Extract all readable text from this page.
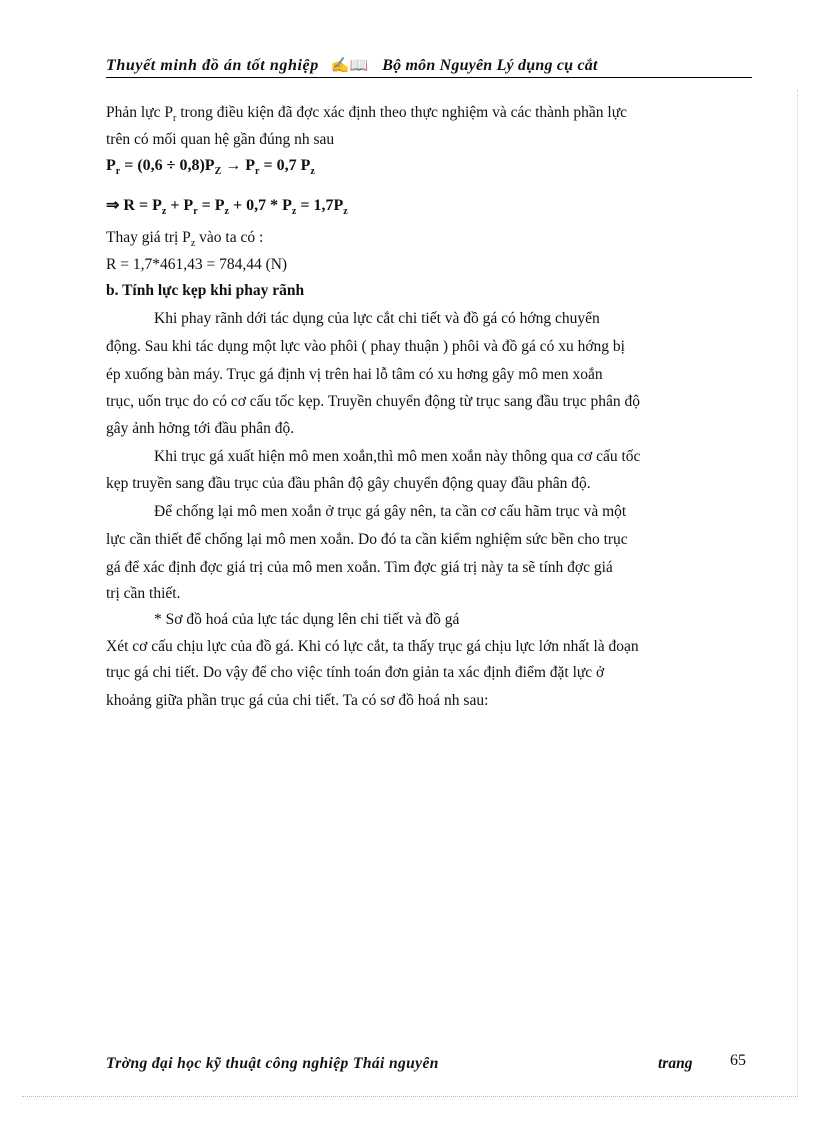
Thuyết minh đồ án tốt nghiệp ✍📖 Bộ môn Nguyên Lý dụng cụ cắt
Phản lực $P_r$ trong điều kiện đã đợc xác định theo thực nghiệm và các thành phần lực
trên có mối quan hệ gần đúng nh sau
$P_r = (0,6 \div 0,8)P_Z \to P_r = 0,7$ $P_z$
⇒ $R = P_z + P_r = P_z + 0,7 * P_z = 1,7P_z$
Thay giá trị $P_z$ vào ta có :
R = 1,7*461,43 = 784,44 (N)
b. Tính lực kẹp khi phay rãnh
Khi phay rãnh dới tác dụng của lực cắt chi tiết và đồ gá có hớng chuyển
động. Sau khi tác dụng một lực vào phôi ( phay thuận ) phôi và đồ gá có xu hớng bị
ép xuống bàn máy. Trục gá định vị trên hai lỗ tâm có xu hơng gây mô men xoắn
trục, uốn trục do có cơ cấu tốc kẹp. Truyền chuyển động từ trục sang đầu trục phân độ
gây ảnh hởng tới đầu phân độ.
Khi trục gá xuất hiện mô men xoắn,thì mô men xoắn này thông qua cơ cấu tốc
kẹp truyền sang đầu trục của đầu phân độ gây chuyển động quay đầu phân độ.
Để chống lại mô men xoắn ở trục gá gây nên, ta cần cơ cấu hãm trục và một
lực cần thiết để chống lại mô men xoắn. Do đó ta cần kiểm nghiệm sức bền cho trục
gá để xác định đợc giá trị của mô men xoắn. Tìm đợc giá trị này ta sẽ tính đợc giá
trị cần thiết.
* Sơ đồ hoá của lực tác dụng lên chi tiết và đồ gá
Xét cơ cấu chịu lực của đồ gá. Khi có lực cắt, ta thấy trục gá chịu lực lớn nhất là đoạn
trục gá chi tiết. Do vậy để cho việc tính toán đơn giản ta xác định điểm đặt lực ở
khoảng giữa phần trục gá của chi tiết. Ta có sơ đồ hoá nh sau:
Trờng đại học kỹ thuật công nghiệp Thái nguyên	trang 65
